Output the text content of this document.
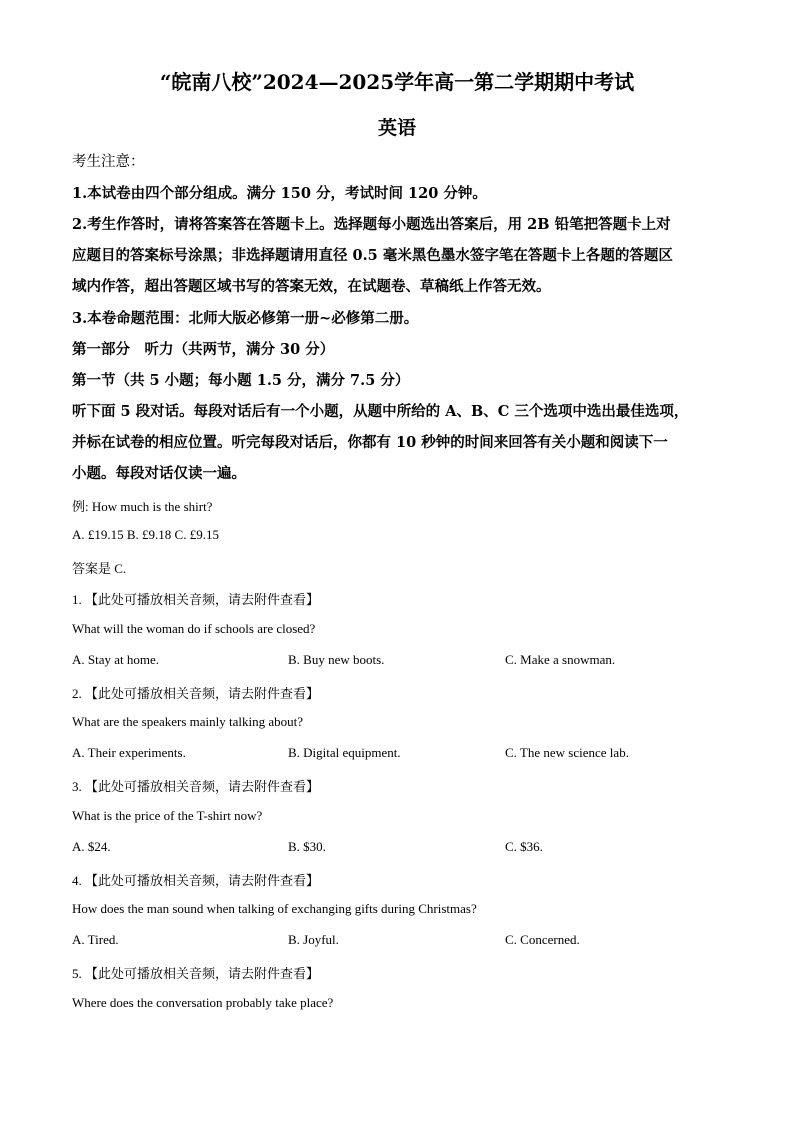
“皖南八校”2024—2025学年高一第二学期期中考试
英语
考生注意：
1.本试卷由四个部分组成。满分 150 分，考试时间 120 分钟。
2.考生作答时，请将答案答在答题卡上。选择题每小题选出答案后，用 2B 铅笔把答题卡上对
应题目的答案标号涂黑；非选择题请用直径 0.5 毫米黑色墨水签字笔在答题卡上各题的答题区
域内作答，超出答题区域书写的答案无效，在试题卷、草稿纸上作答无效。
3.本卷命题范围：北师大版必修第一册~必修第二册。
第一部分　听力（共两节，满分 30 分）
第一节（共 5 小题；每小题 1.5 分，满分 7.5 分）
听下面 5 段对话。每段对话后有一个小题，从题中所给的 A、B、C 三个选项中选出最佳选项，
并标在试卷的相应位置。听完每段对话后，你都有 10 秒钟的时间来回答有关小题和阅读下一
小题。每段对话仅读一遍。
例: How much is the shirt?
A. £19.15 B. £9.18 C. £9.15
答案是 C.
1. 【此处可播放相关音频，请去附件查看】
What will the woman do if schools are closed?
A. Stay at home.	B. Buy new boots.	C. Make a snowman.
2. 【此处可播放相关音频，请去附件查看】
What are the speakers mainly talking about?
A. Their experiments.	B. Digital equipment.	C. The new science lab.
3. 【此处可播放相关音频，请去附件查看】
What is the price of the T-shirt now?
A. $24.	B. $30.	C. $36.
4. 【此处可播放相关音频，请去附件查看】
How does the man sound when talking of exchanging gifts during Christmas?
A. Tired.	B. Joyful.	C. Concerned.
5. 【此处可播放相关音频，请去附件查看】
Where does the conversation probably take place?
